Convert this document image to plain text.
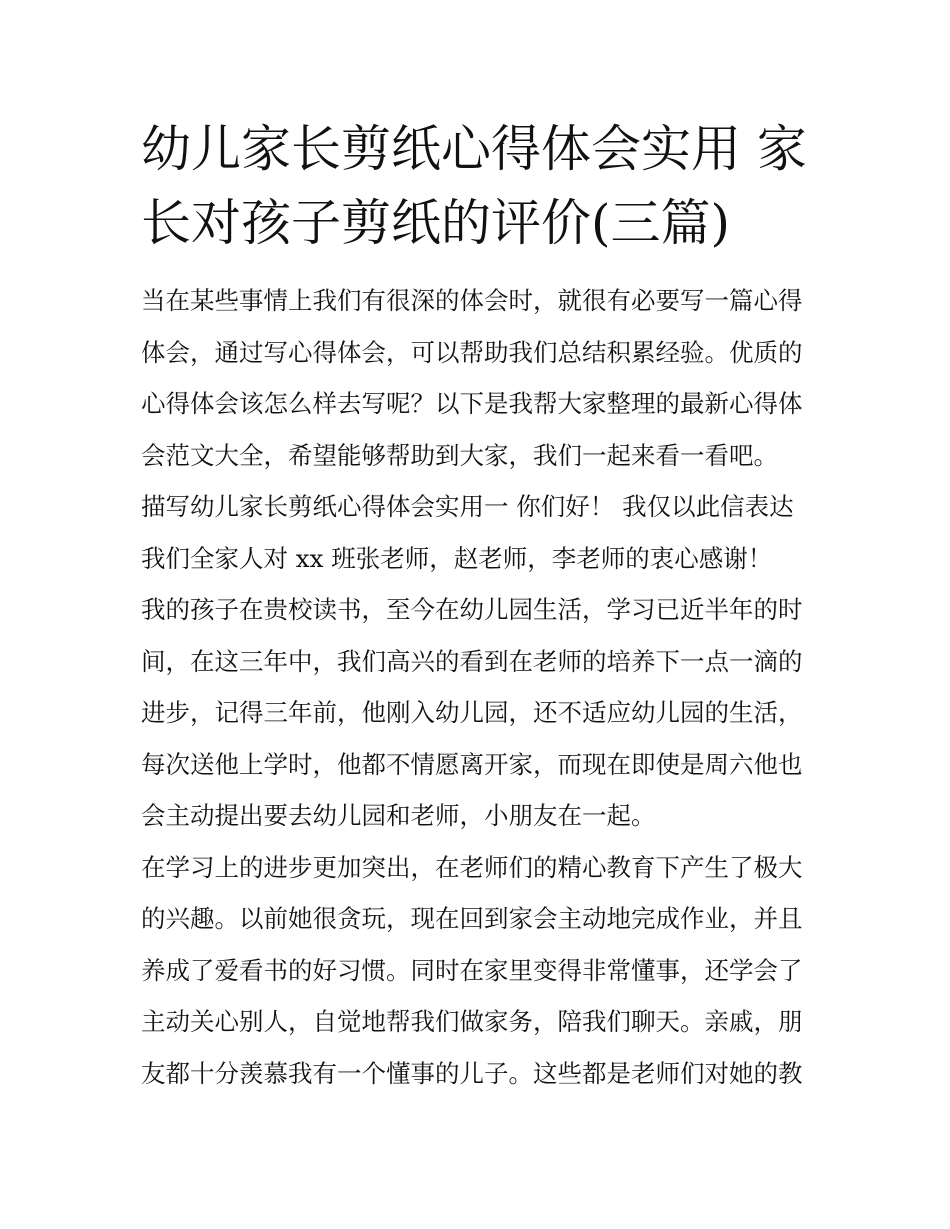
幼儿家长剪纸心得体会实用 家
长对孩子剪纸的评价(三篇)
当在某些事情上我们有很深的体会时，就很有必要写一篇心得
体会，通过写心得体会，可以帮助我们总结积累经验。优质的
心得体会该怎么样去写呢？以下是我帮大家整理的最新心得体
会范文大全，希望能够帮助到大家，我们一起来看一看吧。
描写幼儿家长剪纸心得体会实用一 你们好！ 我仅以此信表达
我们全家人对 xx 班张老师，赵老师，李老师的衷心感谢！
我的孩子在贵校读书，至今在幼儿园生活，学习已近半年的时
间，在这三年中，我们高兴的看到在老师的培养下一点一滴的
进步，记得三年前，他刚入幼儿园，还不适应幼儿园的生活，
每次送他上学时，他都不情愿离开家，而现在即使是周六他也
会主动提出要去幼儿园和老师，小朋友在一起。
在学习上的进步更加突出，在老师们的精心教育下产生了极大
的兴趣。以前她很贪玩，现在回到家会主动地完成作业，并且
养成了爱看书的好习惯。同时在家里变得非常懂事，还学会了
主动关心别人，自觉地帮我们做家务，陪我们聊天。亲戚，朋
友都十分羡慕我有一个懂事的儿子。这些都是老师们对她的教
